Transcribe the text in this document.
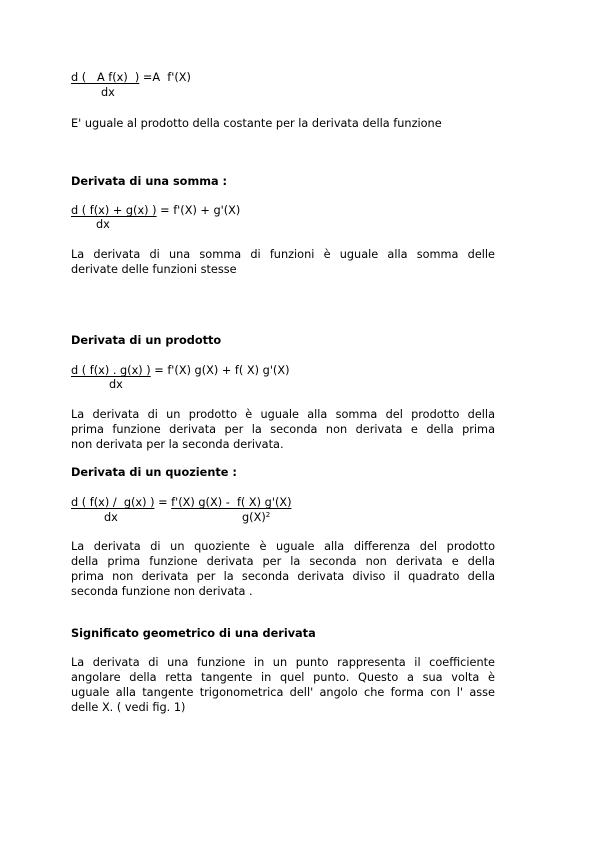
d (   A f(x)  ) =A  f'(X)

dx

E' uguale al prodotto della costante per la derivata della funzione

Derivata di una somma :

d ( f(x) + g(x) ) = f'(X) + g'(X)

dx

La derivata di una somma di funzioni è uguale alla somma delle
derivate delle funzioni stesse

Derivata di un prodotto

d ( f(x) . g(x) ) = f'(X) g(X) + f( X) g'(X)

dx

La derivata di un prodotto è uguale alla somma del prodotto della
prima funzione derivata per la seconda non derivata e della prima
non derivata per la seconda derivata.

Derivata di un quoziente :

d ( f(x) /  g(x) ) = f'(X) g(X) -  f( X) g'(X)

dx	$g(X)^2$

La derivata di un quoziente è uguale alla differenza del prodotto
della prima funzione derivata per la seconda non derivata e della
prima non derivata per la seconda derivata diviso il quadrato della
seconda funzione non derivata .

Significato geometrico di una derivata

La derivata di una funzione in un punto rappresenta il coefficiente
angolare della retta tangente in quel punto. Questo a sua volta è
uguale alla tangente trigonometrica dell' angolo che forma con l' asse
delle X. ( vedi fig. 1)
